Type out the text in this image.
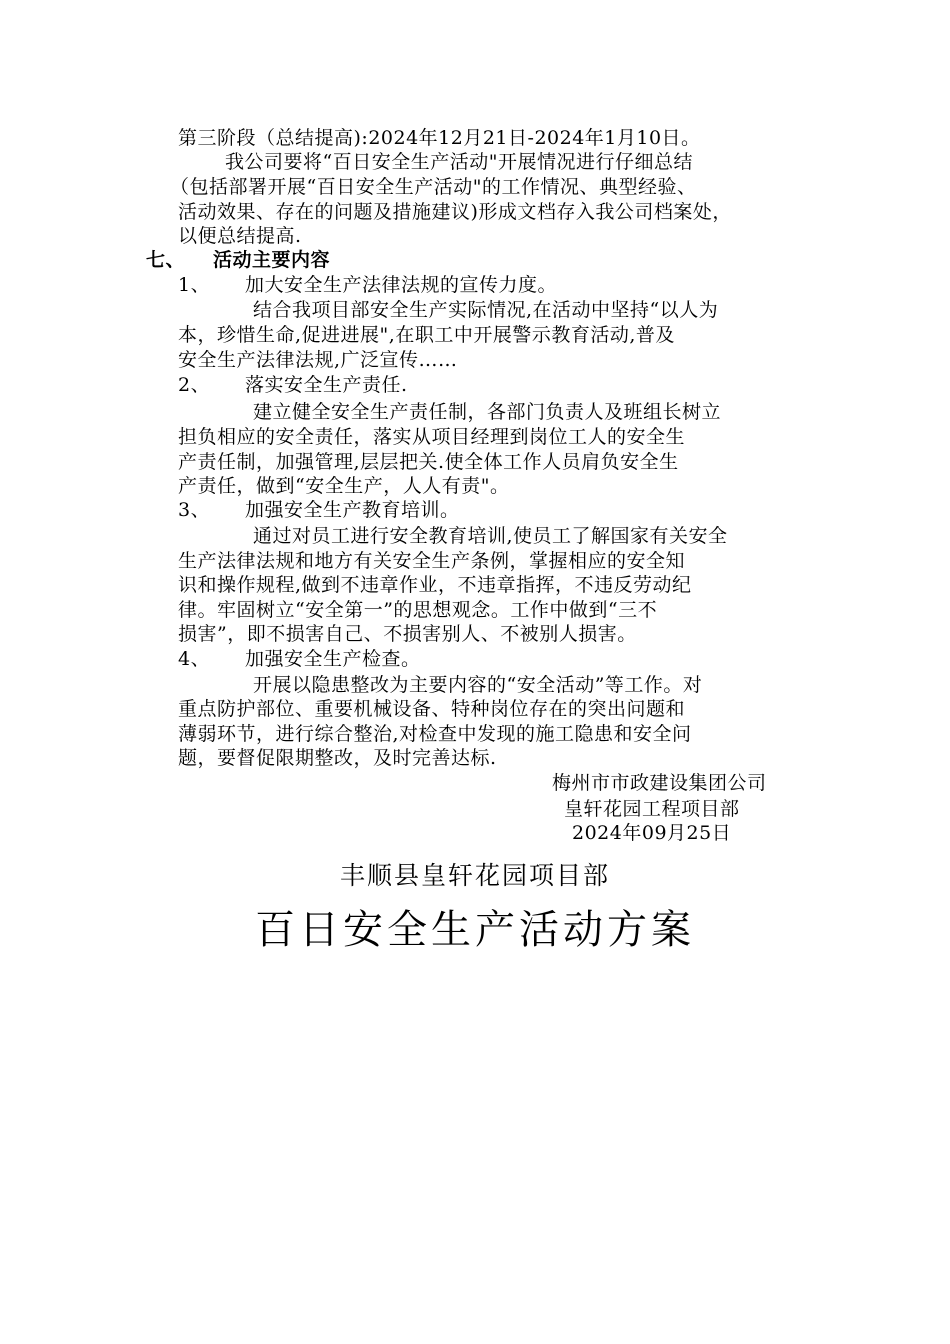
第三阶段（总结提高):2024年12月21日-2024年1月10日。
我公司要将“百日安全生产活动"开展情况进行仔细总结
（包括部署开展“百日安全生产活动"的工作情况、典型经验、
活动效果、存在的问题及措施建议)形成文档存入我公司档案处，
以便总结提高.
七、 活动主要内容
1、 加大安全生产法律法规的宣传力度。
结合我项目部安全生产实际情况,在活动中坚持“以人为
本，珍惜生命,促进进展",在职工中开展警示教育活动,普及
安全生产法律法规,广泛宣传……
2、 落实安全生产责任.
建立健全安全生产责任制，各部门负责人及班组长树立
担负相应的安全责任，落实从项目经理到岗位工人的安全生
产责任制，加强管理,层层把关.使全体工作人员肩负安全生
产责任，做到“安全生产，人人有责"。
3、 加强安全生产教育培训。
通过对员工进行安全教育培训,使员工了解国家有关安全
生产法律法规和地方有关安全生产条例，掌握相应的安全知
识和操作规程,做到不违章作业，不违章指挥，不违反劳动纪
律。牢固树立“安全第一”的思想观念。工作中做到“三不
损害”，即不损害自己、不损害别人、不被别人损害。
4、 加强安全生产检查。
开展以隐患整改为主要内容的“安全活动”等工作。对
重点防护部位、重要机械设备、特种岗位存在的突出问题和
薄弱环节，进行综合整治,对检查中发现的施工隐患和安全问
题，要督促限期整改，及时完善达标.
梅州市市政建设集团公司
皇轩花园工程项目部
2024年09月25日
丰顺县皇轩花园项目部
百日安全生产活动方案
